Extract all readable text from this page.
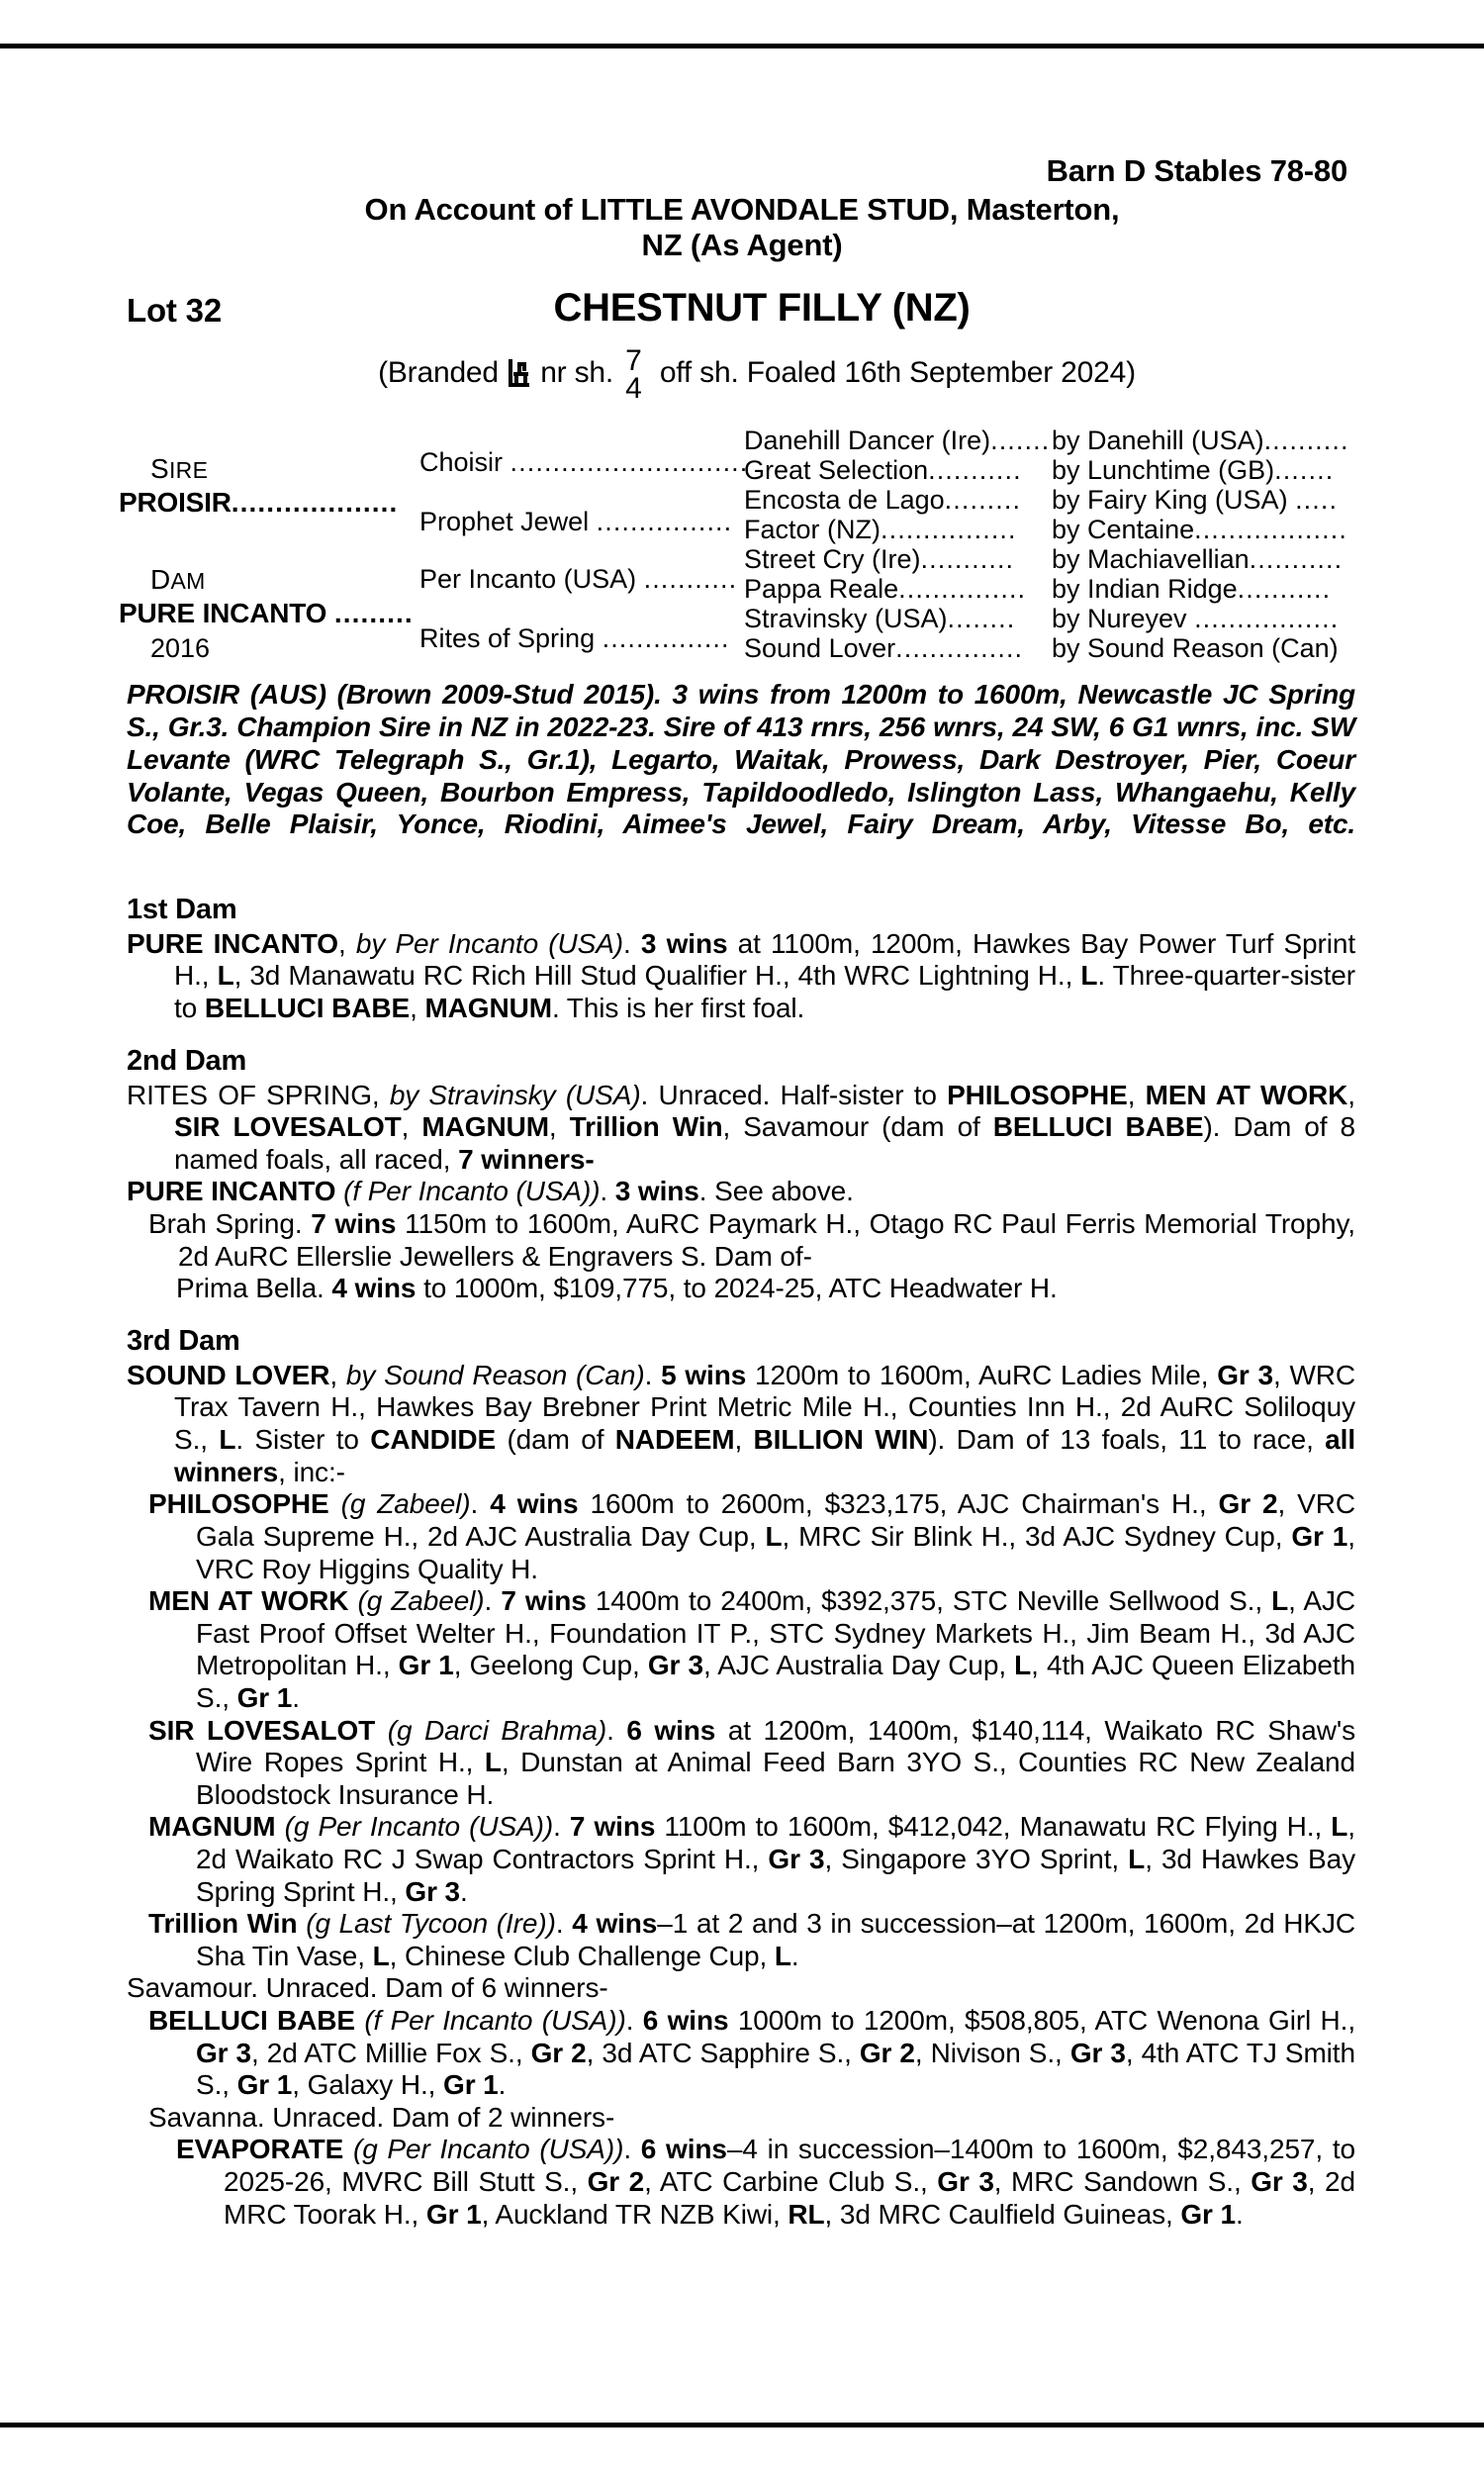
Barn D Stables 78-80
On Account of LITTLE AVONDALE STUD, Masterton,
NZ (As Agent)
Lot 32	CHESTNUT FILLY (NZ)
(Branded nr sh. 7
4 off sh. Foaled 16th September 2024)
SIRE
PROISIR...................
DAM
PURE INCANTO .........
2016
Choisir ............................
Prophet Jewel ................
Per Incanto (USA) ...........
Rites of Spring ...............
Danehill Dancer (Ire).......
Great Selection...........
Encosta de Lago.........
Factor (NZ)................
Street Cry (Ire)...........
Pappa Reale...............
Stravinsky (USA)........
Sound Lover...............
by Danehill (USA)..........
by Lunchtime (GB).......
by Fairy King (USA) .....
by Centaine..................
by Machiavellian...........
by Indian Ridge...........
by Nureyev .................
by Sound Reason (Can)
PROISIR (AUS) (Brown 2009-Stud 2015). 3 wins from 1200m to 1600m, Newcastle JC Spring S., Gr.3. Champion Sire in NZ in 2022-23. Sire of 413 rnrs, 256 wnrs, 24 SW, 6 G1 wnrs, inc. SW Levante (WRC Telegraph S., Gr.1), Legarto, Waitak, Prowess, Dark Destroyer, Pier, Coeur Volante, Vegas Queen, Bourbon Empress, Tapildoodledo, Islington Lass, Whangaehu, Kelly Coe, Belle Plaisir, Yonce, Riodini, Aimee's Jewel, Fairy Dream, Arby, Vitesse Bo, etc.
1st Dam
PURE INCANTO, by Per Incanto (USA). 3 wins at 1100m, 1200m, Hawkes Bay Power Turf Sprint H., L, 3d Manawatu RC Rich Hill Stud Qualifier H., 4th WRC Lightning H., L. Three-quarter-sister to BELLUCI BABE, MAGNUM. This is her first foal.
2nd Dam
RITES OF SPRING, by Stravinsky (USA). Unraced. Half-sister to PHILOSOPHE, MEN AT WORK, SIR LOVESALOT, MAGNUM, Trillion Win, Savamour (dam of BELLUCI BABE). Dam of 8 named foals, all raced, 7 winners-
PURE INCANTO (f Per Incanto (USA)). 3 wins. See above.
Brah Spring. 7 wins 1150m to 1600m, AuRC Paymark H., Otago RC Paul Ferris Memorial Trophy, 2d AuRC Ellerslie Jewellers & Engravers S. Dam of-
Prima Bella. 4 wins to 1000m, $109,775, to 2024-25, ATC Headwater H.
3rd Dam
SOUND LOVER, by Sound Reason (Can). 5 wins 1200m to 1600m, AuRC Ladies Mile, Gr 3, WRC Trax Tavern H., Hawkes Bay Brebner Print Metric Mile H., Counties Inn H., 2d AuRC Soliloquy S., L. Sister to CANDIDE (dam of NADEEM, BILLION WIN). Dam of 13 foals, 11 to race, all winners, inc:-
PHILOSOPHE (g Zabeel). 4 wins 1600m to 2600m, $323,175, AJC Chairman's H., Gr 2, VRC Gala Supreme H., 2d AJC Australia Day Cup, L, MRC Sir Blink H., 3d AJC Sydney Cup, Gr 1, VRC Roy Higgins Quality H.
MEN AT WORK (g Zabeel). 7 wins 1400m to 2400m, $392,375, STC Neville Sellwood S., L, AJC Fast Proof Offset Welter H., Foundation IT P., STC Sydney Markets H., Jim Beam H., 3d AJC Metropolitan H., Gr 1, Geelong Cup, Gr 3, AJC Australia Day Cup, L, 4th AJC Queen Elizabeth S., Gr 1.
SIR LOVESALOT (g Darci Brahma). 6 wins at 1200m, 1400m, $140,114, Waikato RC Shaw's Wire Ropes Sprint H., L, Dunstan at Animal Feed Barn 3YO S., Counties RC New Zealand Bloodstock Insurance H.
MAGNUM (g Per Incanto (USA)). 7 wins 1100m to 1600m, $412,042, Manawatu RC Flying H., L, 2d Waikato RC J Swap Contractors Sprint H., Gr 3, Singapore 3YO Sprint, L, 3d Hawkes Bay Spring Sprint H., Gr 3.
Trillion Win (g Last Tycoon (Ire)). 4 wins–1 at 2 and 3 in succession–at 1200m, 1600m, 2d HKJC Sha Tin Vase, L, Chinese Club Challenge Cup, L.
Savamour. Unraced. Dam of 6 winners-
BELLUCI BABE (f Per Incanto (USA)). 6 wins 1000m to 1200m, $508,805, ATC Wenona Girl H., Gr 3, 2d ATC Millie Fox S., Gr 2, 3d ATC Sapphire S., Gr 2, Nivison S., Gr 3, 4th ATC TJ Smith S., Gr 1, Galaxy H., Gr 1.
Savanna. Unraced. Dam of 2 winners-
EVAPORATE (g Per Incanto (USA)). 6 wins–4 in succession–1400m to 1600m, $2,843,257, to 2025-26, MVRC Bill Stutt S., Gr 2, ATC Carbine Club S., Gr 3, MRC Sandown S., Gr 3, 2d MRC Toorak H., Gr 1, Auckland TR NZB Kiwi, RL, 3d MRC Caulfield Guineas, Gr 1.
